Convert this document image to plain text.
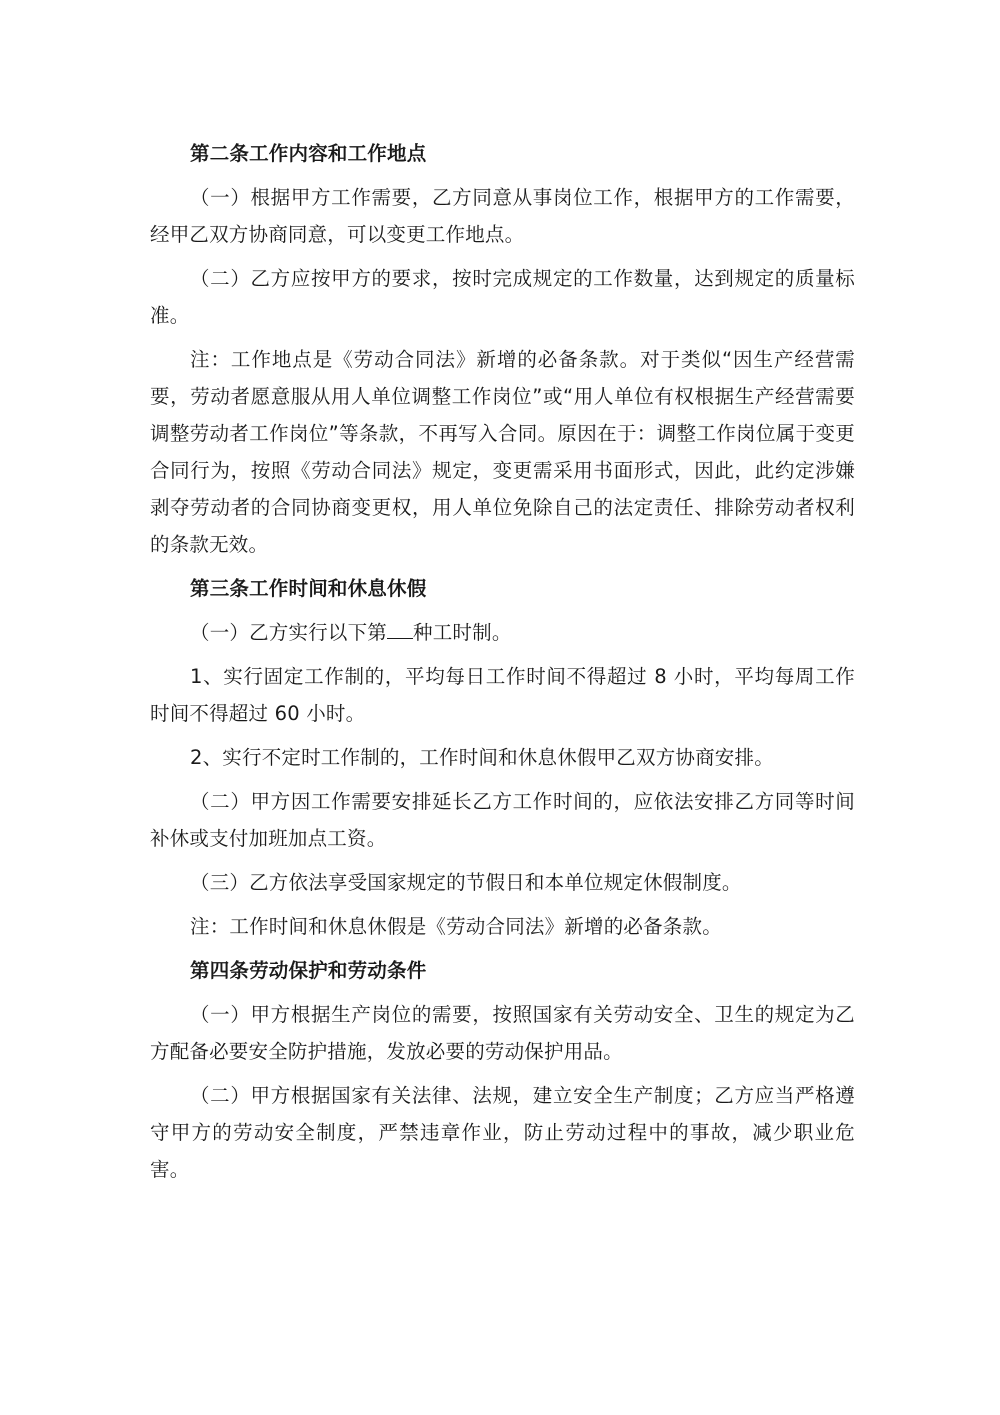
第二条工作内容和工作地点
（一）根据甲方工作需要，乙方同意从事岗位工作，根据甲方的工作需要，经甲乙双方协商同意，可以变更工作地点。
（二）乙方应按甲方的要求，按时完成规定的工作数量，达到规定的质量标准。
注：工作地点是《劳动合同法》新增的必备条款。对于类似“因生产经营需要，劳动者愿意服从用人单位调整工作岗位”或“用人单位有权根据生产经营需要调整劳动者工作岗位”等条款，不再写入合同。原因在于：调整工作岗位属于变更合同行为，按照《劳动合同法》规定，变更需采用书面形式，因此，此约定涉嫌剥夺劳动者的合同协商变更权，用人单位免除自己的法定责任、排除劳动者权利的条款无效。
第三条工作时间和休息休假
（一）乙方实行以下第 种工时制。
1、实行固定工作制的，平均每日工作时间不得超过 8 小时，平均每周工作时间不得超过 60 小时。
2、实行不定时工作制的，工作时间和休息休假甲乙双方协商安排。
（二）甲方因工作需要安排延长乙方工作时间的，应依法安排乙方同等时间补休或支付加班加点工资。
（三）乙方依法享受国家规定的节假日和本单位规定休假制度。
注：工作时间和休息休假是《劳动合同法》新增的必备条款。
第四条劳动保护和劳动条件
（一）甲方根据生产岗位的需要，按照国家有关劳动安全、卫生的规定为乙方配备必要安全防护措施，发放必要的劳动保护用品。
（二）甲方根据国家有关法律、法规，建立安全生产制度；乙方应当严格遵守甲方的劳动安全制度，严禁违章作业，防止劳动过程中的事故，减少职业危害。
